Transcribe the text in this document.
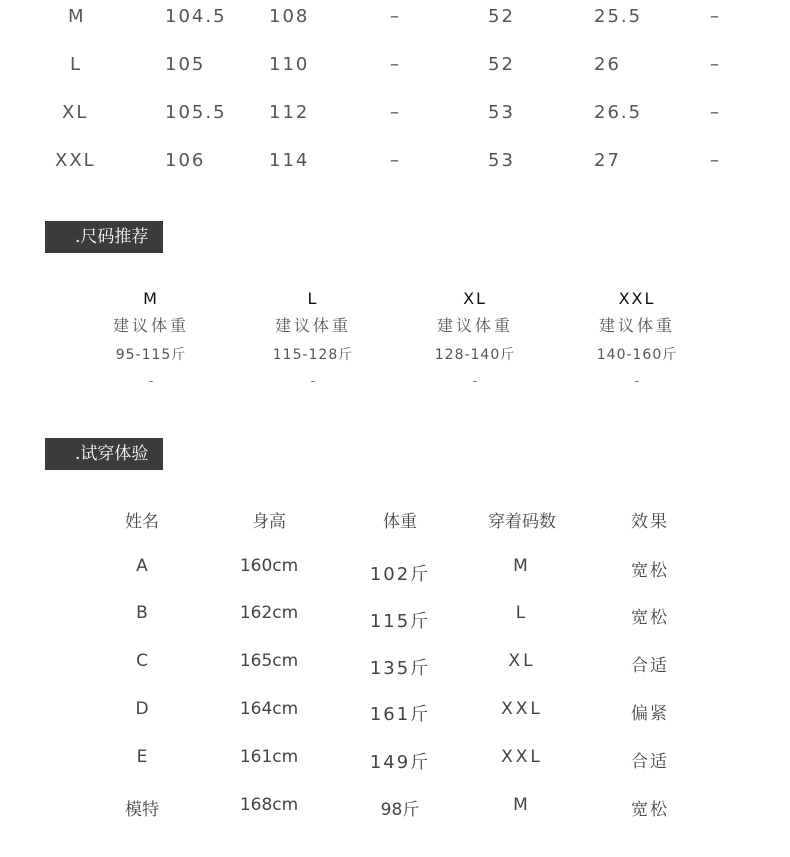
M	104.5 108	–	52	25.5	–
L	105	110	–	52	26	–
XL	105.5 112	–	53	26.5	–
XXL	106	114	–	53	27	–
.尺码推荐
M
建议体重
95-115斤
-
L
建议体重
115-128斤
-
XL
建议体重
128-140斤
-
XXL
建议体重
140-160斤
-
.试穿体验
姓名	身高	体重	穿着码数	效果
A	160cm	102斤	M	宽松
B	162cm	115斤	L	宽松
C	165cm	135斤	XL	合适
D	164cm	161斤	XXL	偏紧
E	161cm	149斤	XXL	合适
模特	168cm	98斤	M	宽松
